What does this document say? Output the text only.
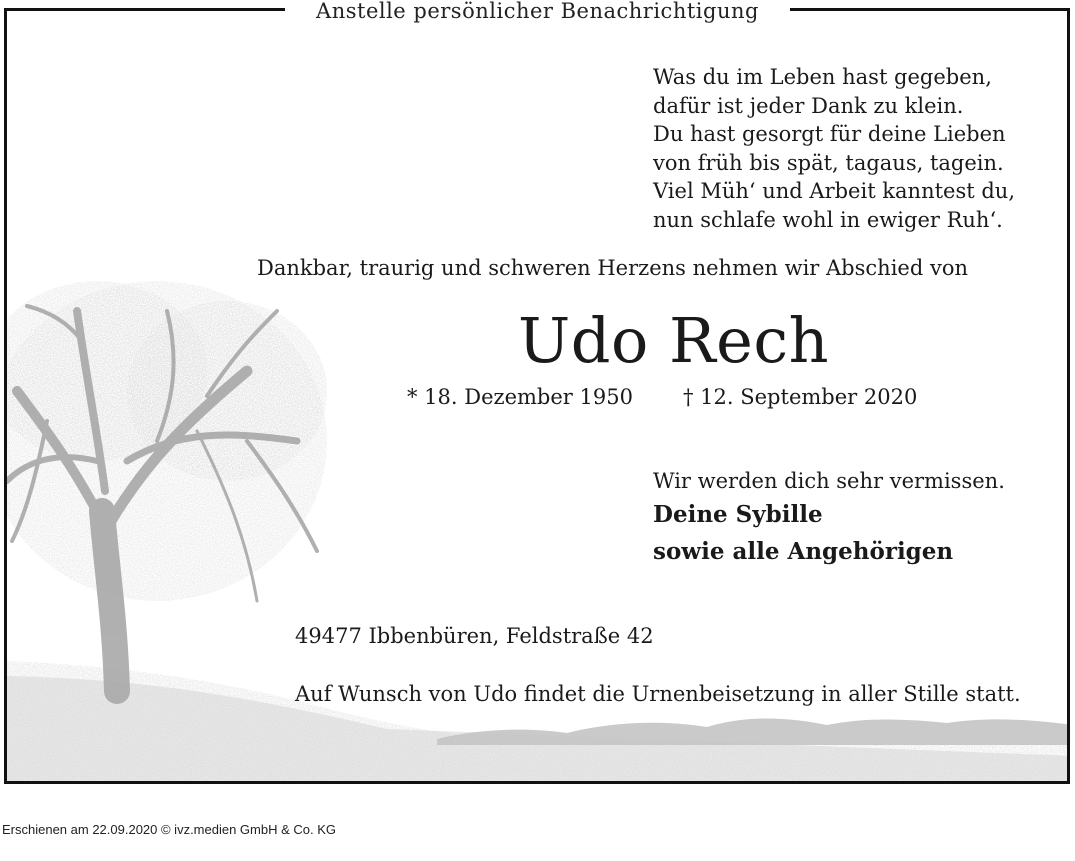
Was du im Leben hast gegeben,
dafür ist jeder Dank zu klein.
Du hast gesorgt für deine Lieben
von früh bis spät, tagaus, tagein.
Viel Müh‘ und Arbeit kanntest du,
nun schlafe wohl in ewiger Ruh‘.
Dankbar, traurig und schweren Herzens nehmen wir Abschied von
Udo Rech
* 18. Dezember 1950 † 12. September 2020
Wir werden dich sehr vermissen.
Deine Sybille
sowie alle Angehörigen
49477 Ibbenbüren, Feldstraße 42
Auf Wunsch von Udo findet die Urnenbeisetzung in aller Stille statt.
Anstelle persönlicher Benachrichtigung
Erschienen am 22.09.2020 © ivz.medien GmbH & Co. KG
